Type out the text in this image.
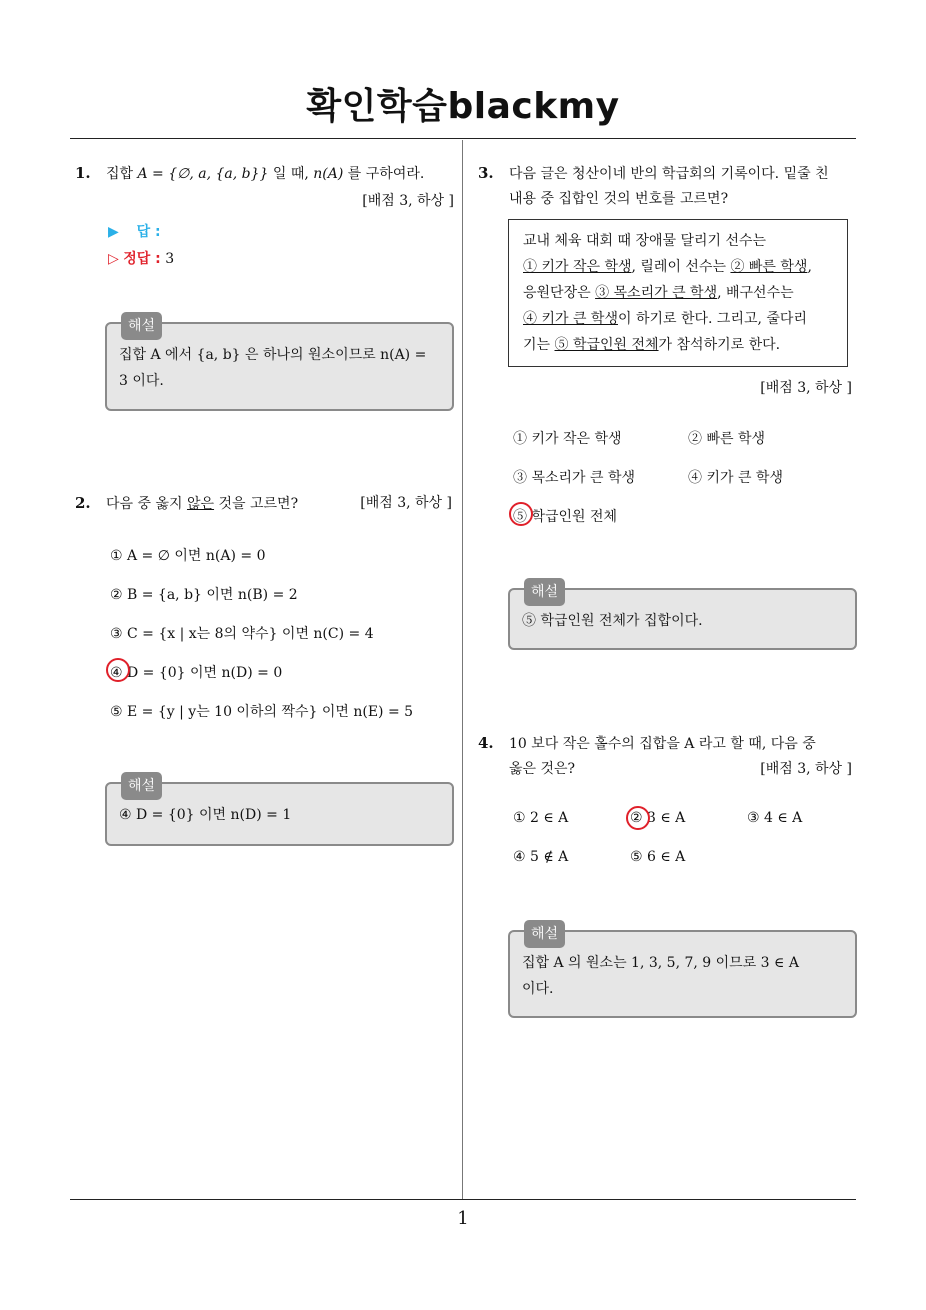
확인학습blackmy
1
1. 집합 A = {∅, a, {a, b}} 일 때, n(A) 를 구하여라.
[배점 3, 하상 ]
▶ 답 :
▷ 정답 : 3
해설
집합 A 에서 {a, b} 은 하나의 원소이므로 n(A) =
3 이다.
2. 다음 중 옳지 않은 것을 고르면?	[배점 3, 하상 ]
① A = ∅ 이면 n(A) = 0
② B = {a, b} 이면 n(B) = 2
③ C = {x | x는 8의 약수} 이면 n(C) = 4
④ D = {0} 이면 n(D) = 0
⑤ E = {y | y는 10 이하의 짝수} 이면 n(E) = 5
해설
④ D = {0} 이면 n(D) = 1
3. 다음 글은 청산이네 반의 학급회의 기록이다. 밑줄 친
내용 중 집합인 것의 번호를 고르면?
교내 체육 대회 때 장애물 달리기 선수는
① 키가 작은 학생, 릴레이 선수는 ② 빠른 학생,
응원단장은 ③ 목소리가 큰 학생, 배구선수는
④ 키가 큰 학생이 하기로 한다. 그리고, 줄다리
기는 ⑤ 학급인원 전체가 참석하기로 한다.
[배점 3, 하상 ]
① 키가 작은 학생	② 빠른 학생
③ 목소리가 큰 학생	④ 키가 큰 학생
⑤ 학급인원 전체
해설
⑤ 학급인원 전체가 집합이다.
4. 10 보다 작은 홀수의 집합을 A 라고 할 때, 다음 중
옳은 것은?	[배점 3, 하상 ]
① 2 ∈ A	② 3 ∈ A	③ 4 ∈ A
④ 5 ∉ A	⑤ 6 ∈ A
해설
집합 A 의 원소는 1, 3, 5, 7, 9 이므로 3 ∈ A
이다.
